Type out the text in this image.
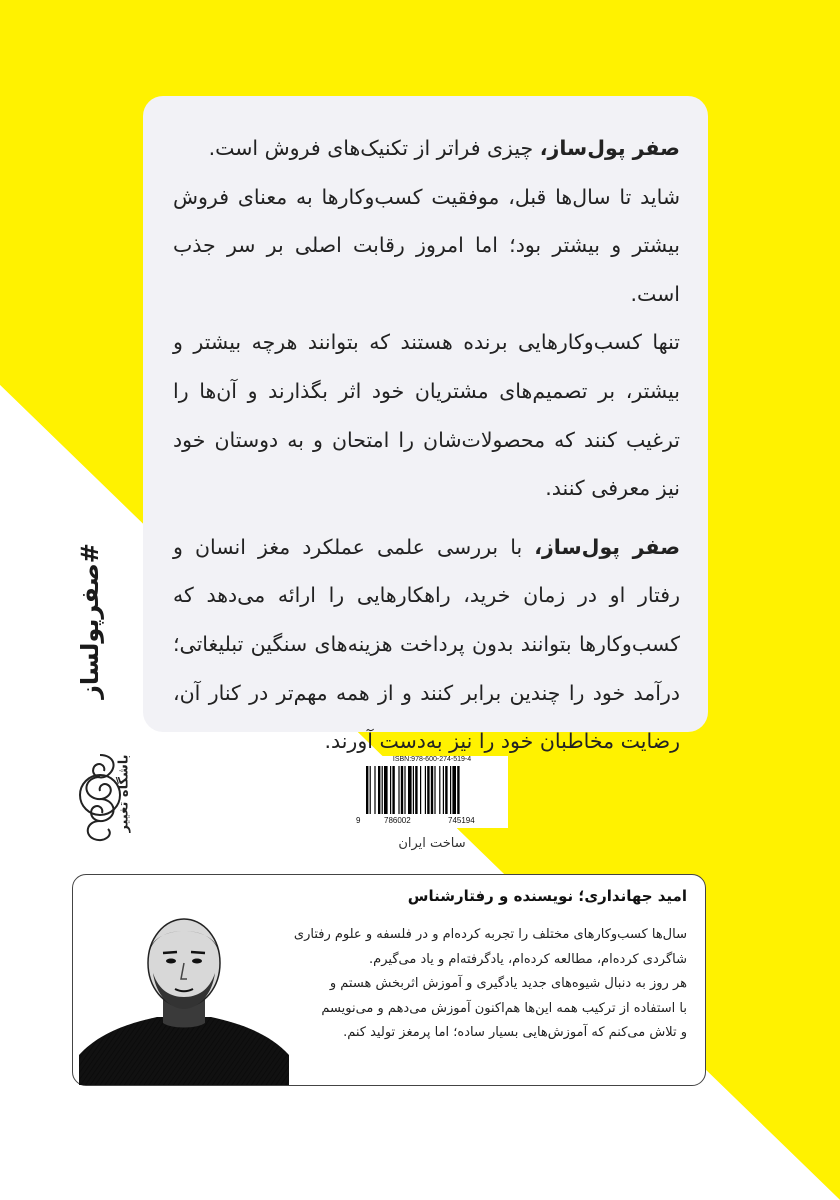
صفر پول‌ساز، چیزی فراتر از تکنیک‌های فروش است.

شاید تا سال‌ها قبل، موفقیت کسب‌وکارها به معنای فروش بیشتر و بیشتر بود؛ اما امروز رقابت اصلی بر سر جذب است.

تنها کسب‌وکارهایی برنده هستند که بتوانند هرچه بیشتر و بیشتر، بر تصمیم‌های مشتریان خود اثر بگذارند و آن‌ها را ترغیب کنند که محصولات‌شان را امتحان و به دوستان خود نیز معرفی کنند.

صفر پول‌ساز، با بررسی علمی عملکرد مغز انسان و رفتار او در زمان خرید، راهکارهایی را ارائه می‌دهد که کسب‌وکارها بتوانند بدون پرداخت هزینه‌های سنگین تبلیغاتی؛ درآمد خود را چندین برابر کنند و از همه مهم‌تر در کنار آن، رضایت مخاطبان خود را نیز به‌دست آورند.

#صفرپولساز
باشگاه تغییر	ISBN:978-600-274-519-4
9	786002	745194
ساخت ایران
امید جهانداری؛ نویسنده و رفتارشناس

سال‌ها کسب‌وکارهای مختلف را تجربه کرده‌ام و در فلسفه و علوم رفتاری

شاگردی کرده‌ام، مطالعه کرده‌ام، یادگرفته‌ام و یاد می‌گیرم.

هر روز به دنبال شیوه‌های جدید یادگیری و آموزش اثربخش هستم و

با استفاده از ترکیب همه این‌ها هم‌اکنون آموزش می‌دهم و می‌نویسم

و تلاش می‌کنم که آموزش‌هایی بسیار ساده؛ اما پرمغز تولید کنم.
